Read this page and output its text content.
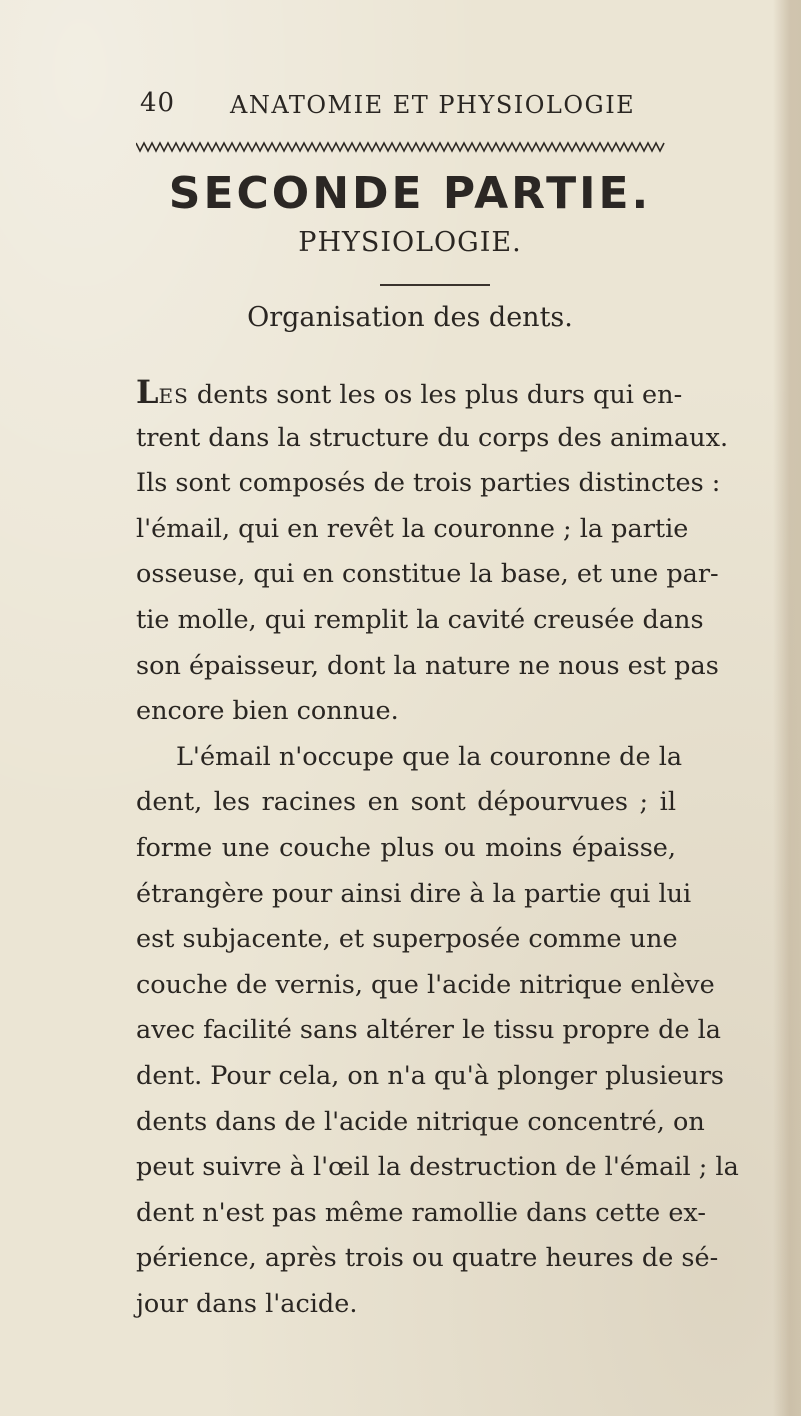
40 ANATOMIE ET PHYSIOLOGIE
SECONDE PARTIE.
PHYSIOLOGIE.
Organisation des dents.
LES dents sont les os les plus durs qui en-
trent dans la structure du corps des animaux.
Ils sont composés de trois parties distinctes :
l'émail, qui en revêt la couronne ; la partie
osseuse, qui en constitue la base, et une par-
tie molle, qui remplit la cavité creusée dans
son épaisseur, dont la nature ne nous est pas
encore bien connue.
L'émail n'occupe que la couronne de la
dent, les racines en sont dépourvues ; il
forme une couche plus ou moins épaisse,
étrangère pour ainsi dire à la partie qui lui
est subjacente, et superposée comme une
couche de vernis, que l'acide nitrique enlève
avec facilité sans altérer le tissu propre de la
dent. Pour cela, on n'a qu'à plonger plusieurs
dents dans de l'acide nitrique concentré, on
peut suivre à l'œil la destruction de l'émail ; la
dent n'est pas même ramollie dans cette ex-
périence, après trois ou quatre heures de sé-
jour dans l'acide.
